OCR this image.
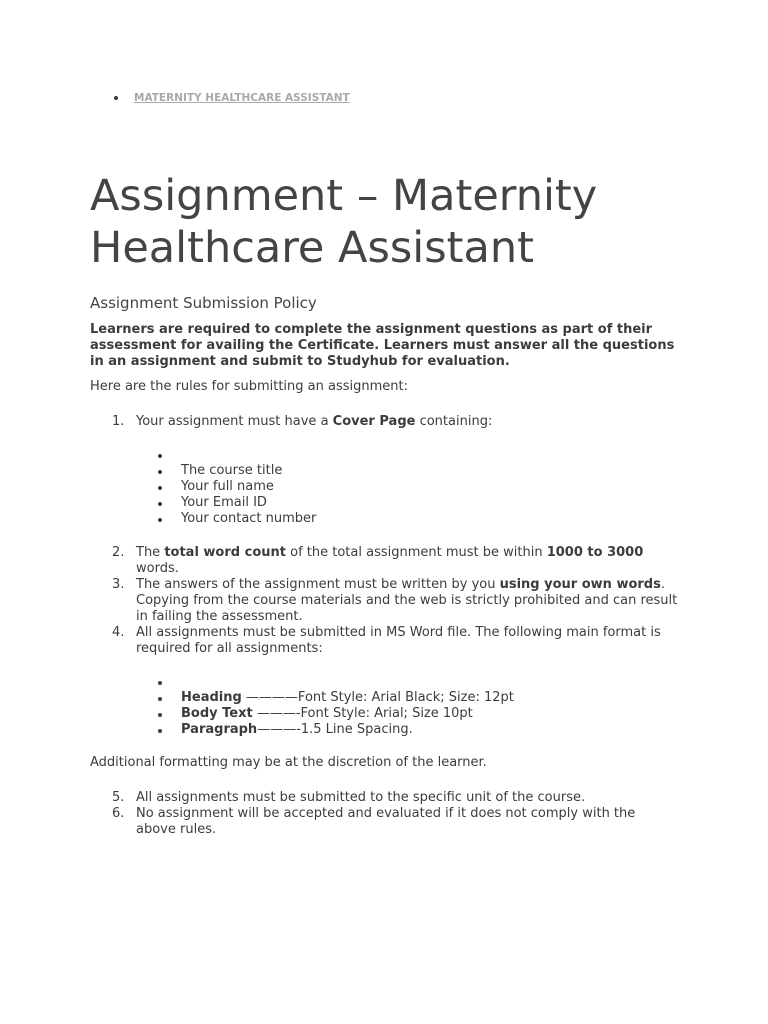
MATERNITY HEALTHCARE ASSISTANT
Assignment – Maternity Healthcare Assistant
Assignment Submission Policy

Learners are required to complete the assignment questions as part of their assessment for availing the Certificate. Learners must answer all the questions in an assignment and submit to Studyhub for evaluation.

Here are the rules for submitting an assignment:

1. Your assignment must have a Cover Page containing:
The course title
Your full name
Your Email ID
Your contact number
2. The total word count of the total assignment must be within 1000 to 3000 words.
3. The answers of the assignment must be written by you using your own words. Copying from the course materials and the web is strictly prohibited and can result in failing the assessment.
4. All assignments must be submitted in MS Word file. The following main format is required for all assignments:
Heading ————Font Style: Arial Black; Size: 12pt
Body Text ———-Font Style: Arial; Size 10pt
Paragraph———-1.5 Line Spacing.

Additional formatting may be at the discretion of the learner.

5. All assignments must be submitted to the specific unit of the course.
6. No assignment will be accepted and evaluated if it does not comply with the above rules.
